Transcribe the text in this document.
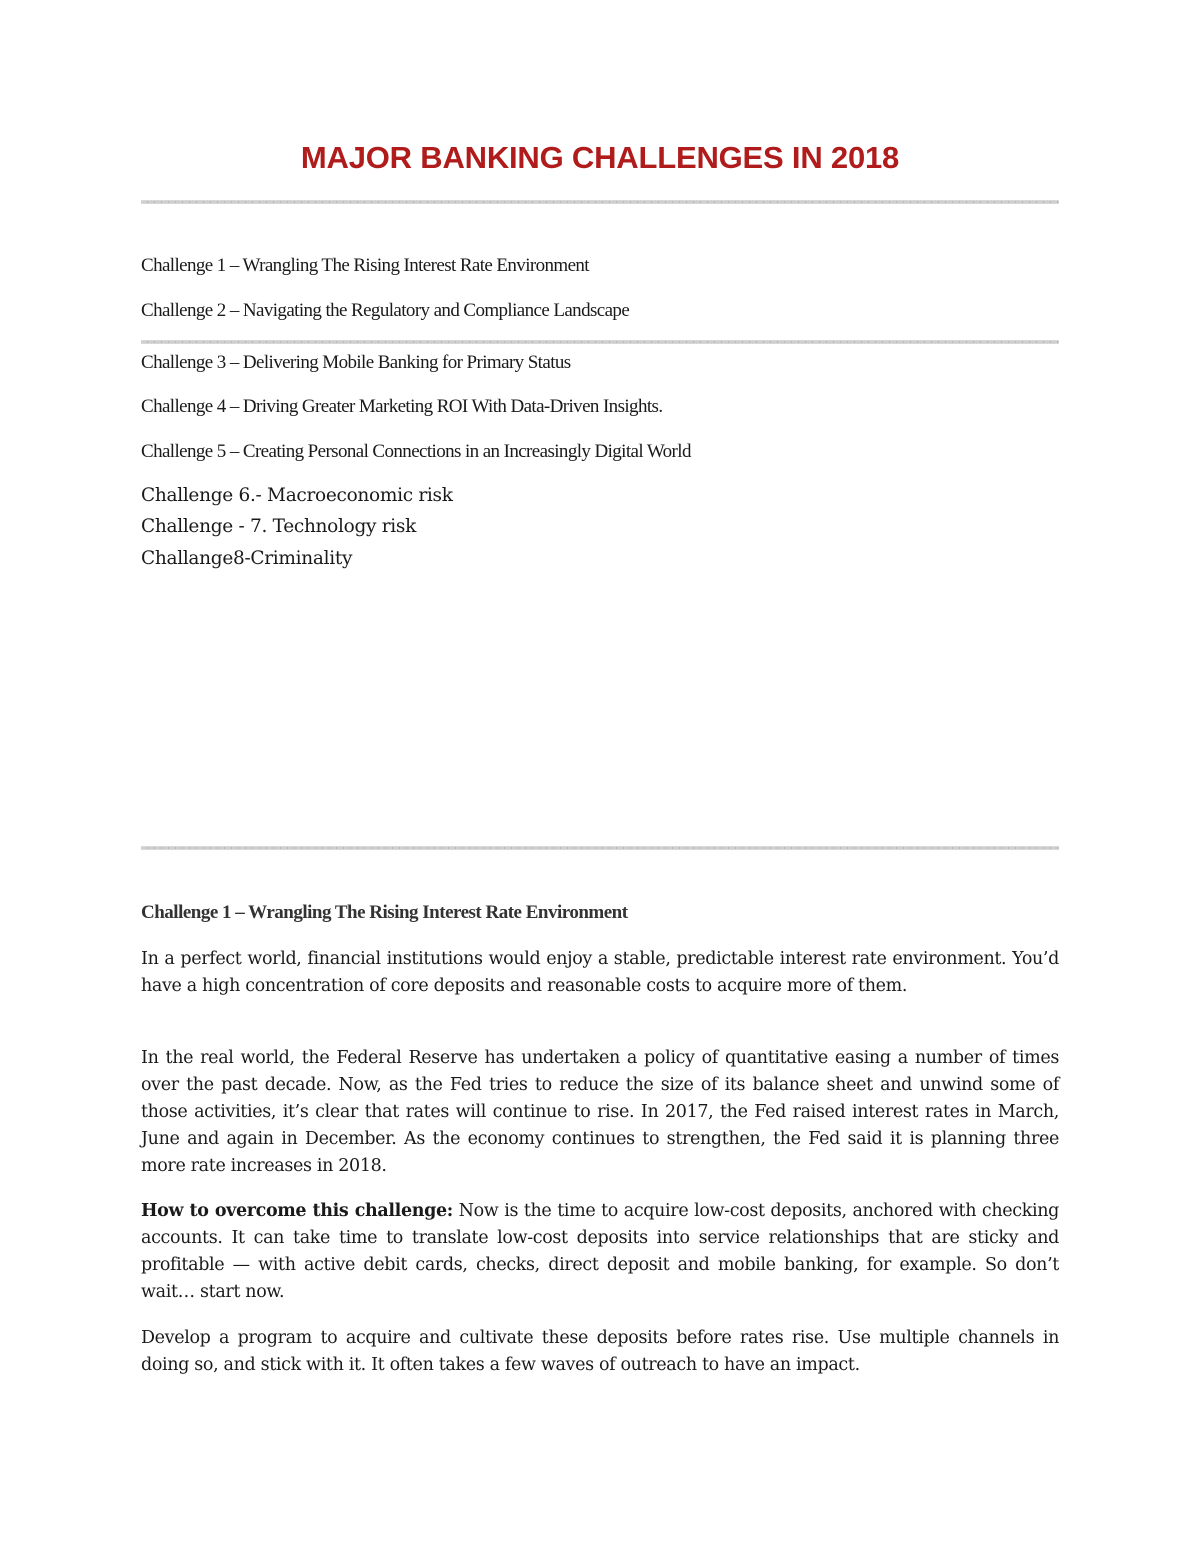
MAJOR BANKING CHALLENGES IN 2018

Challenge 1 – Wrangling The Rising Interest Rate Environment

Challenge 2 – Navigating the Regulatory and Compliance Landscape

Challenge 3 – Delivering Mobile Banking for Primary Status

Challenge 4 – Driving Greater Marketing ROI With Data-Driven Insights.

Challenge 5 – Creating Personal Connections in an Increasingly Digital World

Challenge 6.- Macroeconomic risk

Challenge - 7. Technology risk

Challange8-Criminality

Challenge 1 – Wrangling The Rising Interest Rate Environment

In a perfect world, financial institutions would enjoy a stable, predictable interest rate environment. You’d have a high concentration of core deposits and reasonable costs to acquire more of them.

In the real world, the Federal Reserve has undertaken a policy of quantitative easing a number of times over the past decade. Now, as the Fed tries to reduce the size of its balance sheet and unwind some of those activities, it’s clear that rates will continue to rise. In 2017, the Fed raised interest rates in March, June and again in December. As the economy continues to strengthen, the Fed said it is planning three more rate increases in 2018.

How to overcome this challenge: Now is the time to acquire low-cost deposits, anchored with checking accounts. It can take time to translate low-cost deposits into service relationships that are sticky and profitable — with active debit cards, checks, direct deposit and mobile banking, for example. So don’t wait… start now.

Develop a program to acquire and cultivate these deposits before rates rise. Use multiple channels in doing so, and stick with it. It often takes a few waves of outreach to have an impact.
